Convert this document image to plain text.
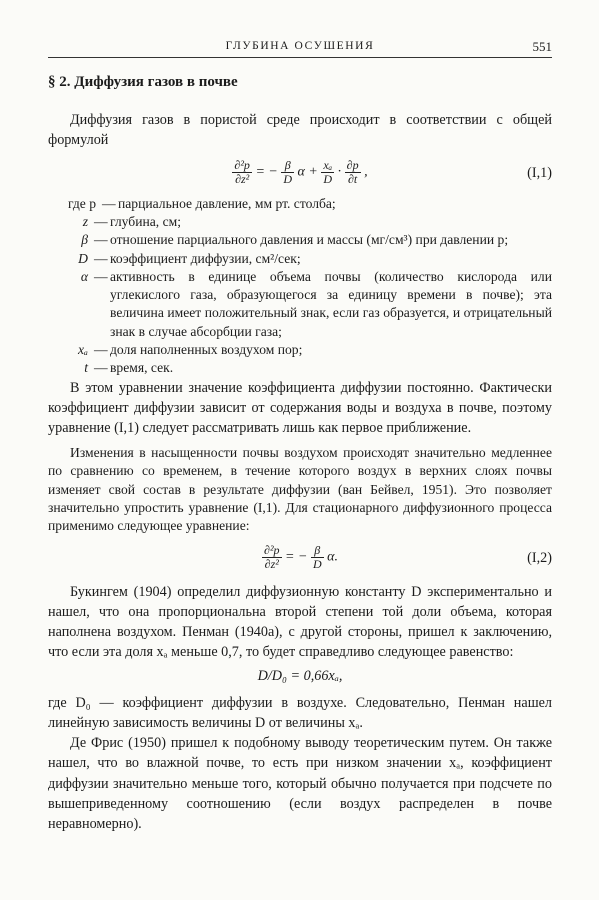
ГЛУБИНА ОСУШЕНИЯ	551
§ 2. Диффузия газов в почве

Диффузия газов в пористой среде происходит в соответствии с общей формулой

$\frac{\text{∂²p}}{\text{∂z²}}$ = − $\frac{\beta}{D}$ $\alpha + \frac{\text{xₐ}}{D} \cdot \frac{\partial p}{\partial t}$ ,	(I,1)
где p — парциальное давление, мм рт. столба;
z — глубина, см;
β — отношение парциального давления и массы (мг/см³) при давлении p;
D — коэффициент диффузии, см²/сек;
α — активность в единице объема почвы (количество кислорода или углекислого газа, образующегося за единицу времени в почве); эта величина имеет положительный знак, если газ образуется, и отрицательный знак в случае абсорбции газа;
xₐ — доля наполненных воздухом пор;
t — время, сек.

В этом уравнении значение коэффициента диффузии постоянно. Фактически коэффициент диффузии зависит от содержания воды и воздуха в почве, поэтому уравнение (I,1) следует рассматривать лишь как первое приближение.

Изменения в насыщенности почвы воздухом происходят значительно медленнее по сравнению со временем, в течение которого воздух в верхних слоях почвы изменяет свой состав в результате диффузии (ван Бейвел, 1951). Это позволяет значительно упростить уравнение (I,1). Для стационарного диффузионного процесса применимо следующее уравнение:

$\frac{\text{∂²p}}{\text{∂z²}}$ = − $\frac{\beta}{D} \alpha$.	(I,2)

Букингем (1904) определил диффузионную константу D экспериментально и нашел, что она пропорциональна второй степени той доли объема, которая наполнена воздухом. Пенман (1940а), с другой стороны, пришел к заключению, что если эта доля xₐ меньше 0,7, то будет справедливо следующее равенство:

D/D₀ = 0,66xₐ,

где D₀ — коэффициент диффузии в воздухе. Следовательно, Пенман нашел линейную зависимость величины D от величины xₐ.

Де Фрис (1950) пришел к подобному выводу теоретическим путем. Он также нашел, что во влажной почве, то есть при низком значении xₐ, коэффициент диффузии значительно меньше того, который обычно получается при подсчете по вышеприведенному соотношению (если воздух распределен в почве неравномерно).
